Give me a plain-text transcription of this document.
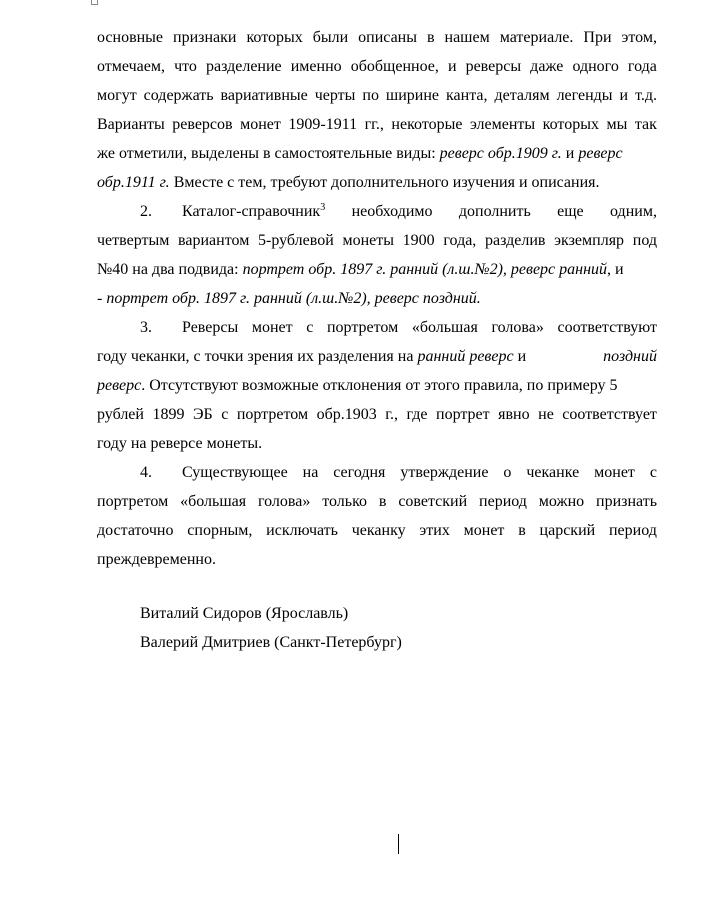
основные признаки которых были описаны в нашем материале. При этом,
отмечаем, что разделение именно обобщенное, и реверсы даже одного года
могут содержать вариативные черты по ширине канта, деталям легенды и т.д.
Варианты реверсов монет 1909-1911 гг., некоторые элементы которых мы так
же отметили, выделены в самостоятельные виды: реверс обр.1909 г. и реверс
обр.1911 г. Вместе с тем, требуют дополнительного изучения и описания.
2.	Каталог-справочник$^3$ необходимо дополнить еще одним,
четвертым вариантом 5-рублевой монеты 1900 года, разделив экземпляр под
№40 на два подвида: портрет обр. 1897 г. ранний (л.ш.№2), реверс ранний, и
- портрет обр. 1897 г. ранний (л.ш.№2), реверс поздний.
3.	Реверсы монет с портретом «большая голова» соответствуют
году чеканки, с точки зрения их разделения на ранний реверс и	поздний
реверс. Отсутствуют возможные отклонения от этого правила, по примеру 5
рублей 1899 ЭБ с портретом обр.1903 г., где портрет явно не соответствует
году на реверсе монеты.
4.	Существующее на сегодня утверждение о чеканке монет с
портретом «большая голова» только в советский период можно признать
достаточно спорным, исключать чеканку этих монет в царский период
преждевременно.
Виталий Сидоров (Ярославль)
Валерий Дмитриев (Санкт-Петербург)
